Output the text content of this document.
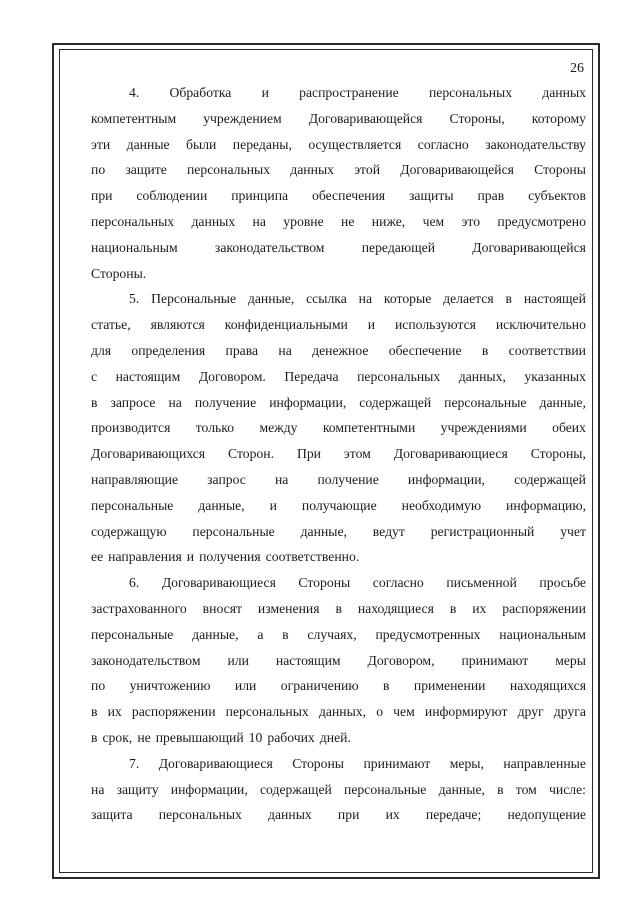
26
4. Обработка и распространение персональных данных
компетентным учреждением Договаривающейся Стороны, которому
эти данные были переданы, осуществляется согласно законодательству
по защите персональных данных этой Договаривающейся Стороны
при соблюдении принципа обеспечения защиты прав субъектов
персональных данных на уровне не ниже, чем это предусмотрено
национальным	законодательством	передающей	Договаривающейся
Стороны.
5. Персональные данные, ссылка на которые делается в настоящей
статье, являются конфиденциальными и используются исключительно
для определения права на денежное обеспечение в соответствии
с настоящим Договором. Передача персональных данных, указанных
в запросе на получение информации, содержащей персональные данные,
производится только между компетентными учреждениями обеих
Договаривающихся Сторон. При этом Договаривающиеся Стороны,
направляющие запрос на получение информации, содержащей
персональные данные, и получающие необходимую информацию,
содержащую персональные данные, ведут регистрационный учет
ее направления и получения соответственно.
6. Договаривающиеся Стороны согласно письменной просьбе
застрахованного вносят изменения в находящиеся в их распоряжении
персональные данные, а в случаях, предусмотренных национальным
законодательством или настоящим Договором, принимают меры
по уничтожению или ограничению в применении находящихся
в их распоряжении персональных данных, о чем информируют друг друга
в срок, не превышающий 10 рабочих дней.
7. Договаривающиеся Стороны принимают меры, направленные
на защиту информации, содержащей персональные данные, в том числе:
защита персональных данных при их передаче; недопущение
